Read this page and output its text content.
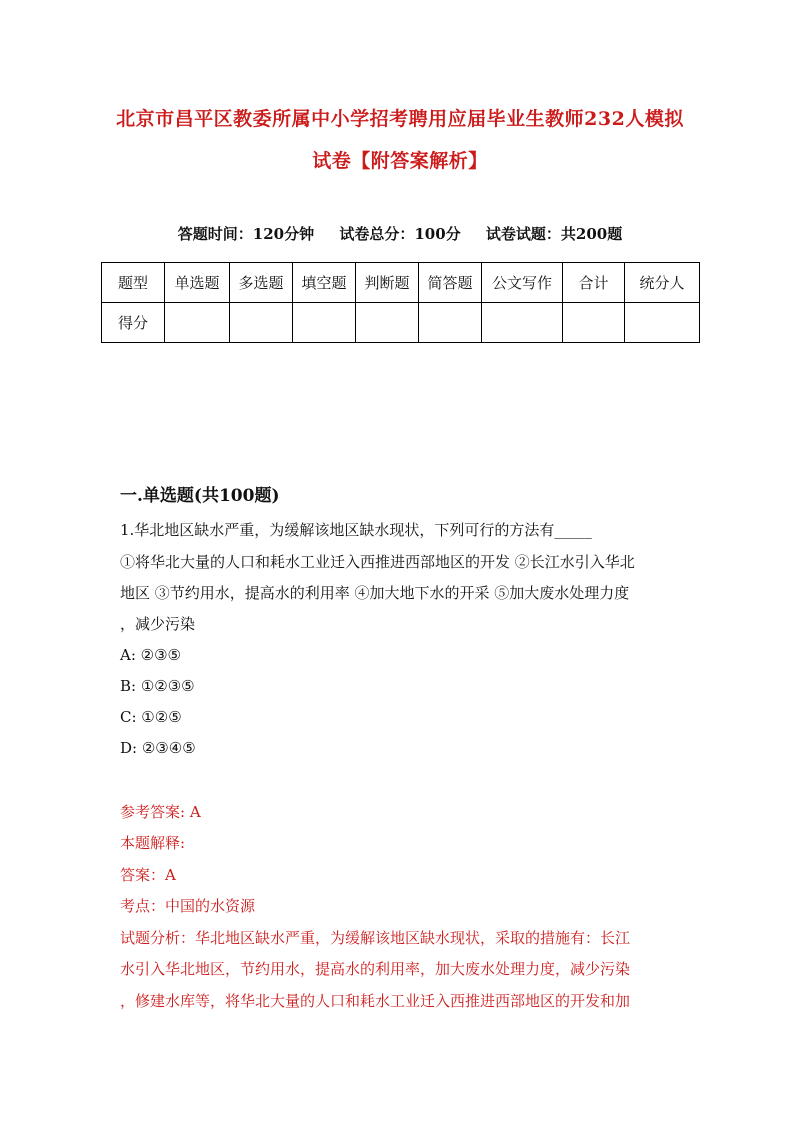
北京市昌平区教委所属中小学招考聘用应届毕业生教师232人模拟
试卷【附答案解析】
答题时间：120分钟 试卷总分：100分 试卷试题：共200题
题型	单选题	多选题	填空题	判断题	简答题	公文写作	合计	统分人
得分								
一.单选题(共100题)
1.华北地区缺水严重，为缓解该地区缺水现状，下列可行的方法有_____
①将华北大量的人口和耗水工业迁入西推进西部地区的开发 ②长江水引入华北
地区 ③节约用水，提高水的利用率 ④加大地下水的开采 ⑤加大废水处理力度
，减少污染
A: ②③⑤
B: ①②③⑤
C: ①②⑤
D: ②③④⑤
参考答案: A
本题解释:
答案：A
考点：中国的水资源
试题分析：华北地区缺水严重，为缓解该地区缺水现状，采取的措施有：长江
水引入华北地区，节约用水，提高水的利用率，加大废水处理力度，减少污染
，修建水库等，将华北大量的人口和耗水工业迁入西推进西部地区的开发和加
